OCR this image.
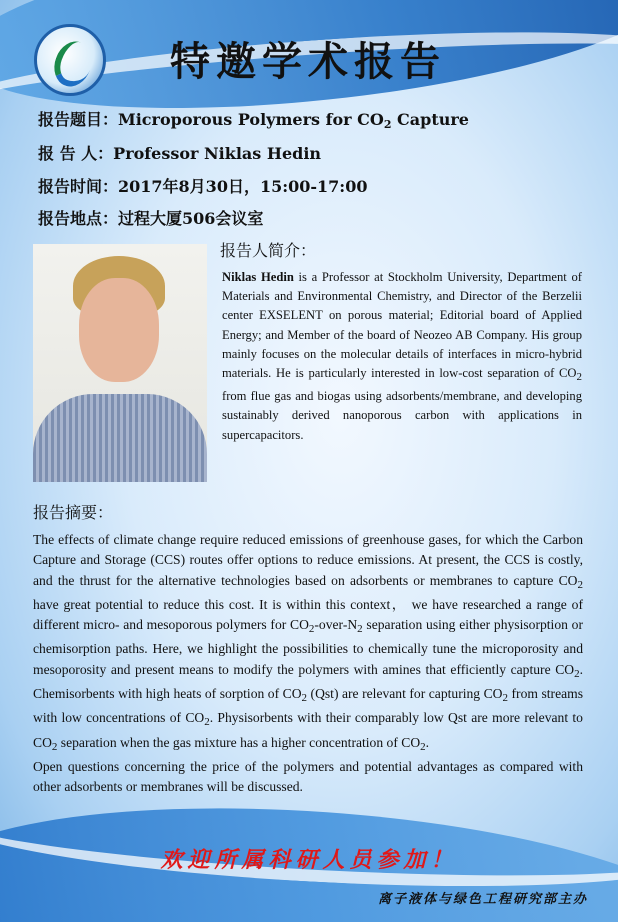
特邀学术报告
报告题目：Microporous Polymers for $CO_2$ Capture
报 告 人：Professor Niklas Hedin
报告时间：2017年8月30日，15:00-17:00
报告地点：过程大厦506会议室
报告人简介：
Niklas Hedin is a Professor at Stockholm University, Department of Materials and Environmental Chemistry, and Director of the Berzelii center EXSELENT on porous material; Editorial board of Applied Energy; and Member of the board of Neozeo AB Company. His group mainly focuses on the molecular details of interfaces in micro-hybrid materials. He is particularly interested in low-cost separation of $CO_2$ from flue gas and biogas using adsorbents/membrane, and developing sustainably derived nanoporous carbon with applications in supercapacitors.
报告摘要：

The effects of climate change require reduced emissions of greenhouse gases, for which the Carbon Capture and Storage (CCS) routes offer options to reduce emissions. At present, the CCS is costly, and the thrust for the alternative technologies based on adsorbents or membranes to capture $CO_2$ have great potential to reduce this cost. It is within this context， we have researched a range of different micro- and mesoporous polymers for $CO_2-over-N_2$ separation using either physisorption or chemisorption paths. Here, we highlight the possibilities to chemically tune the microporosity and mesoporosity and present means to modify the polymers with amines that efficiently capture $CO_2$. Chemisorbents with high heats of sorption of $CO_2$ (Qst) are relevant for capturing $CO_2$ from streams with low concentrations of $CO_2$. Physisorbents with their comparably low Qst are more relevant to $CO_2$ separation when the gas mixture has a higher concentration of $CO_2$.

Open questions concerning the price of the polymers and potential advantages as compared with other adsorbents or membranes will be discussed.

欢迎所属科研人员参加！
离子液体与绿色工程研究部主办
